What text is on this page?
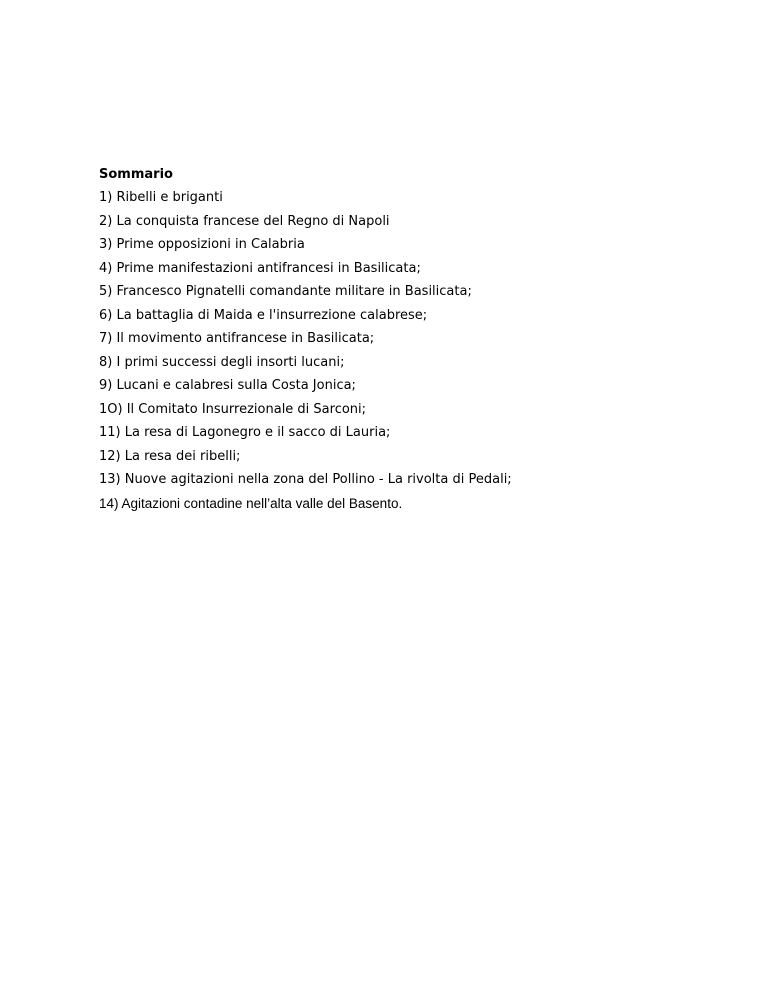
Sommario

1) Ribelli e briganti
2) La conquista francese del Regno di Napoli
3) Prime opposizioni in Calabria
4) Prime manifestazioni antifrancesi in Basilicata;
5) Francesco Pignatelli comandante militare in Basilicata;
6) La battaglia di Maida e l'insurrezione calabrese;
7) Il movimento antifrancese in Basilicata;
8) I primi successi degli insorti lucani;
9) Lucani e calabresi sulla Costa Jonica;
1O) Il Comitato Insurrezionale di Sarconi;
11) La resa di Lagonegro e il sacco di Lauria;
12) La resa dei ribelli;
13) Nuove agitazioni nella zona del Pollino - La rivolta di Pedali;
14) Agitazioni contadine nell’alta valle del Basento.
